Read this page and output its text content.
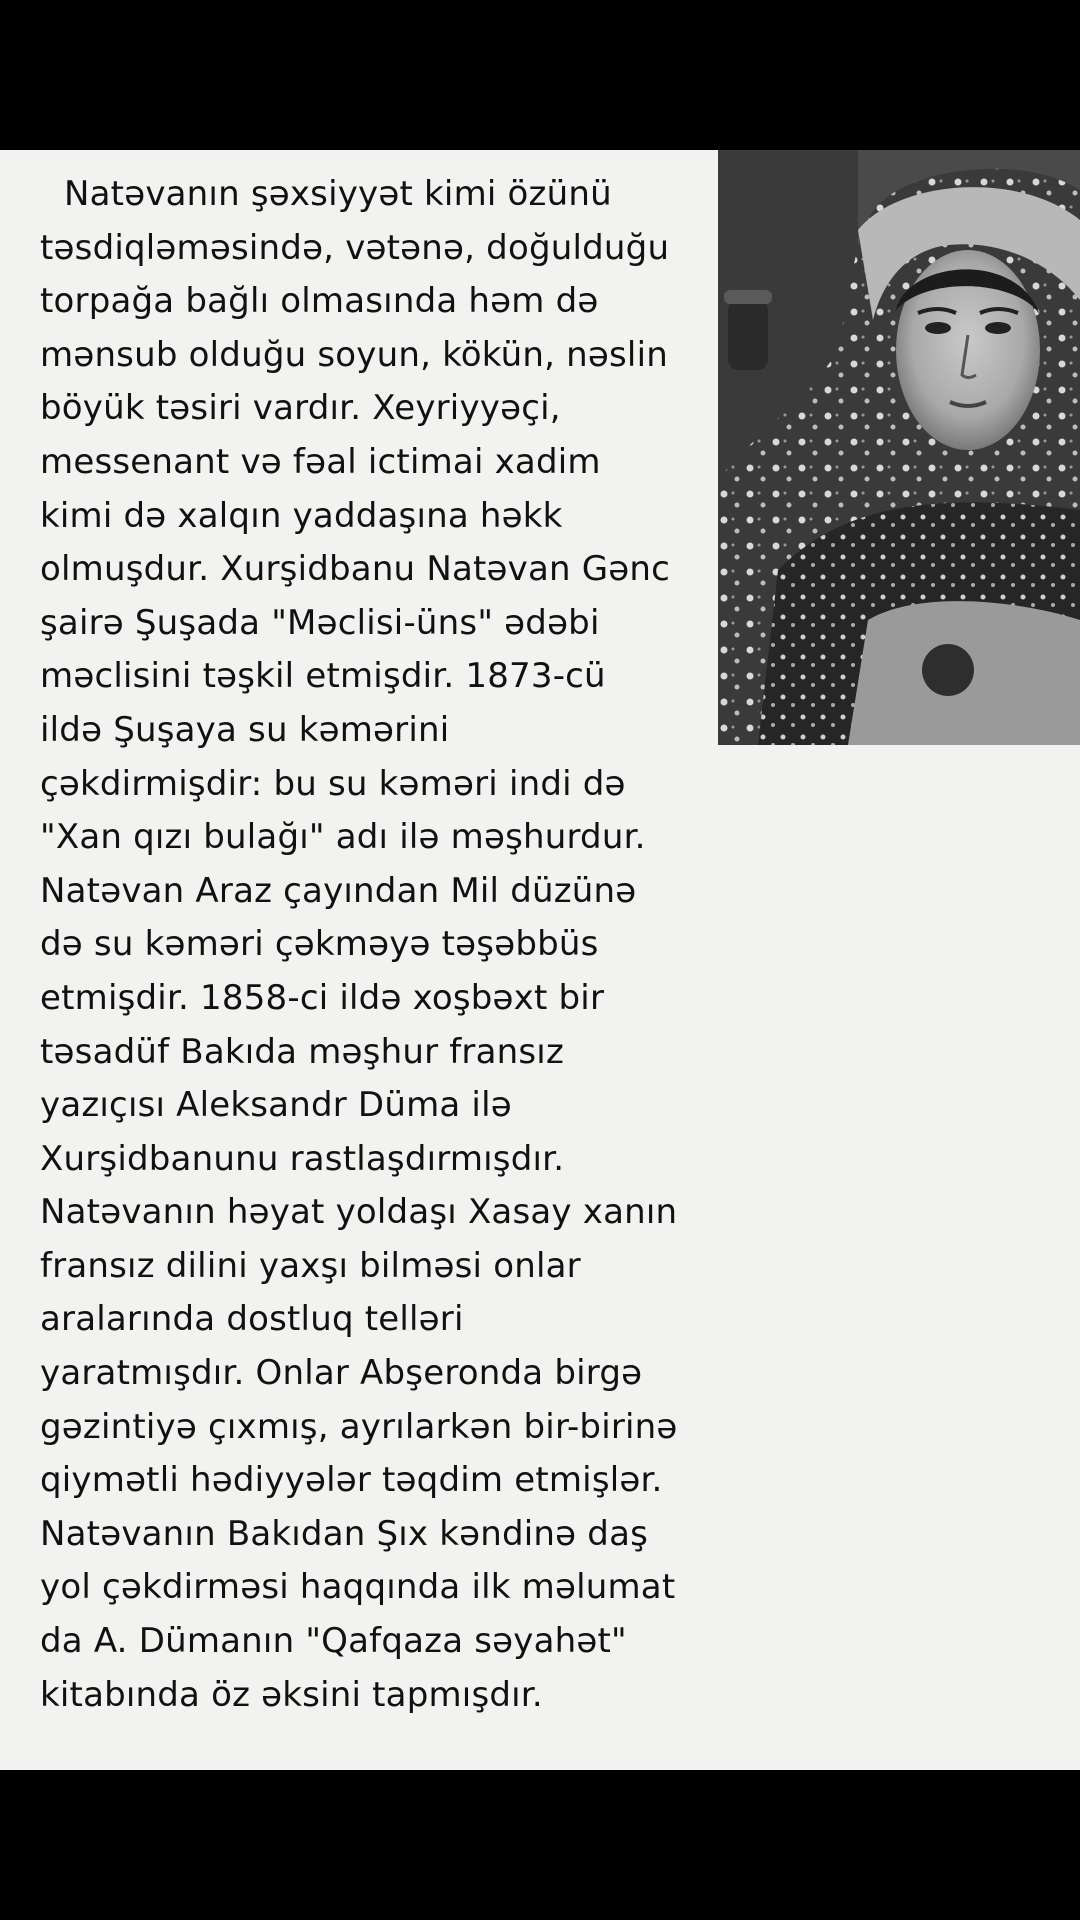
Natəvanın şəxsiyyət kimi özünü
təsdiqləməsində, vətənə, doğulduğu
torpağa bağlı olmasında həm də
mənsub olduğu soyun, kökün, nəslin
böyük təsiri vardır. Xeyriyyəçi,
messenant və fəal ictimai xadim
kimi də xalqın yaddaşına həkk
olmuşdur. Xurşidbanu Natəvan Gənc
şairə Şuşada "Məclisi-üns" ədəbi
məclisini təşkil etmişdir. 1873-cü
ildə Şuşaya su kəmərini
çəkdirmişdir: bu su kəməri indi də
"Xan qızı bulağı" adı ilə məşhurdur.
Natəvan Araz çayından Mil düzünə
də su kəməri çəkməyə təşəbbüs
etmişdir. 1858-ci ildə xoşbəxt bir
təsadüf Bakıda məşhur fransız
yazıçısı Aleksandr Düma ilə
Xurşidbanunu rastlaşdırmışdır.
Natəvanın həyat yoldaşı Xasay xanın
fransız dilini yaxşı bilməsi onlar
aralarında dostluq telləri
yaratmışdır. Onlar Abşeronda birgə
gəzintiyə çıxmış, ayrılarkən bir-birinə
qiymətli hədiyyələr təqdim etmişlər.
Natəvanın Bakıdan Şıx kəndinə daş
yol çəkdirməsi haqqında ilk məlumat
da A. Dümanın "Qafqaza səyahət"
kitabında öz əksini tapmışdır.
